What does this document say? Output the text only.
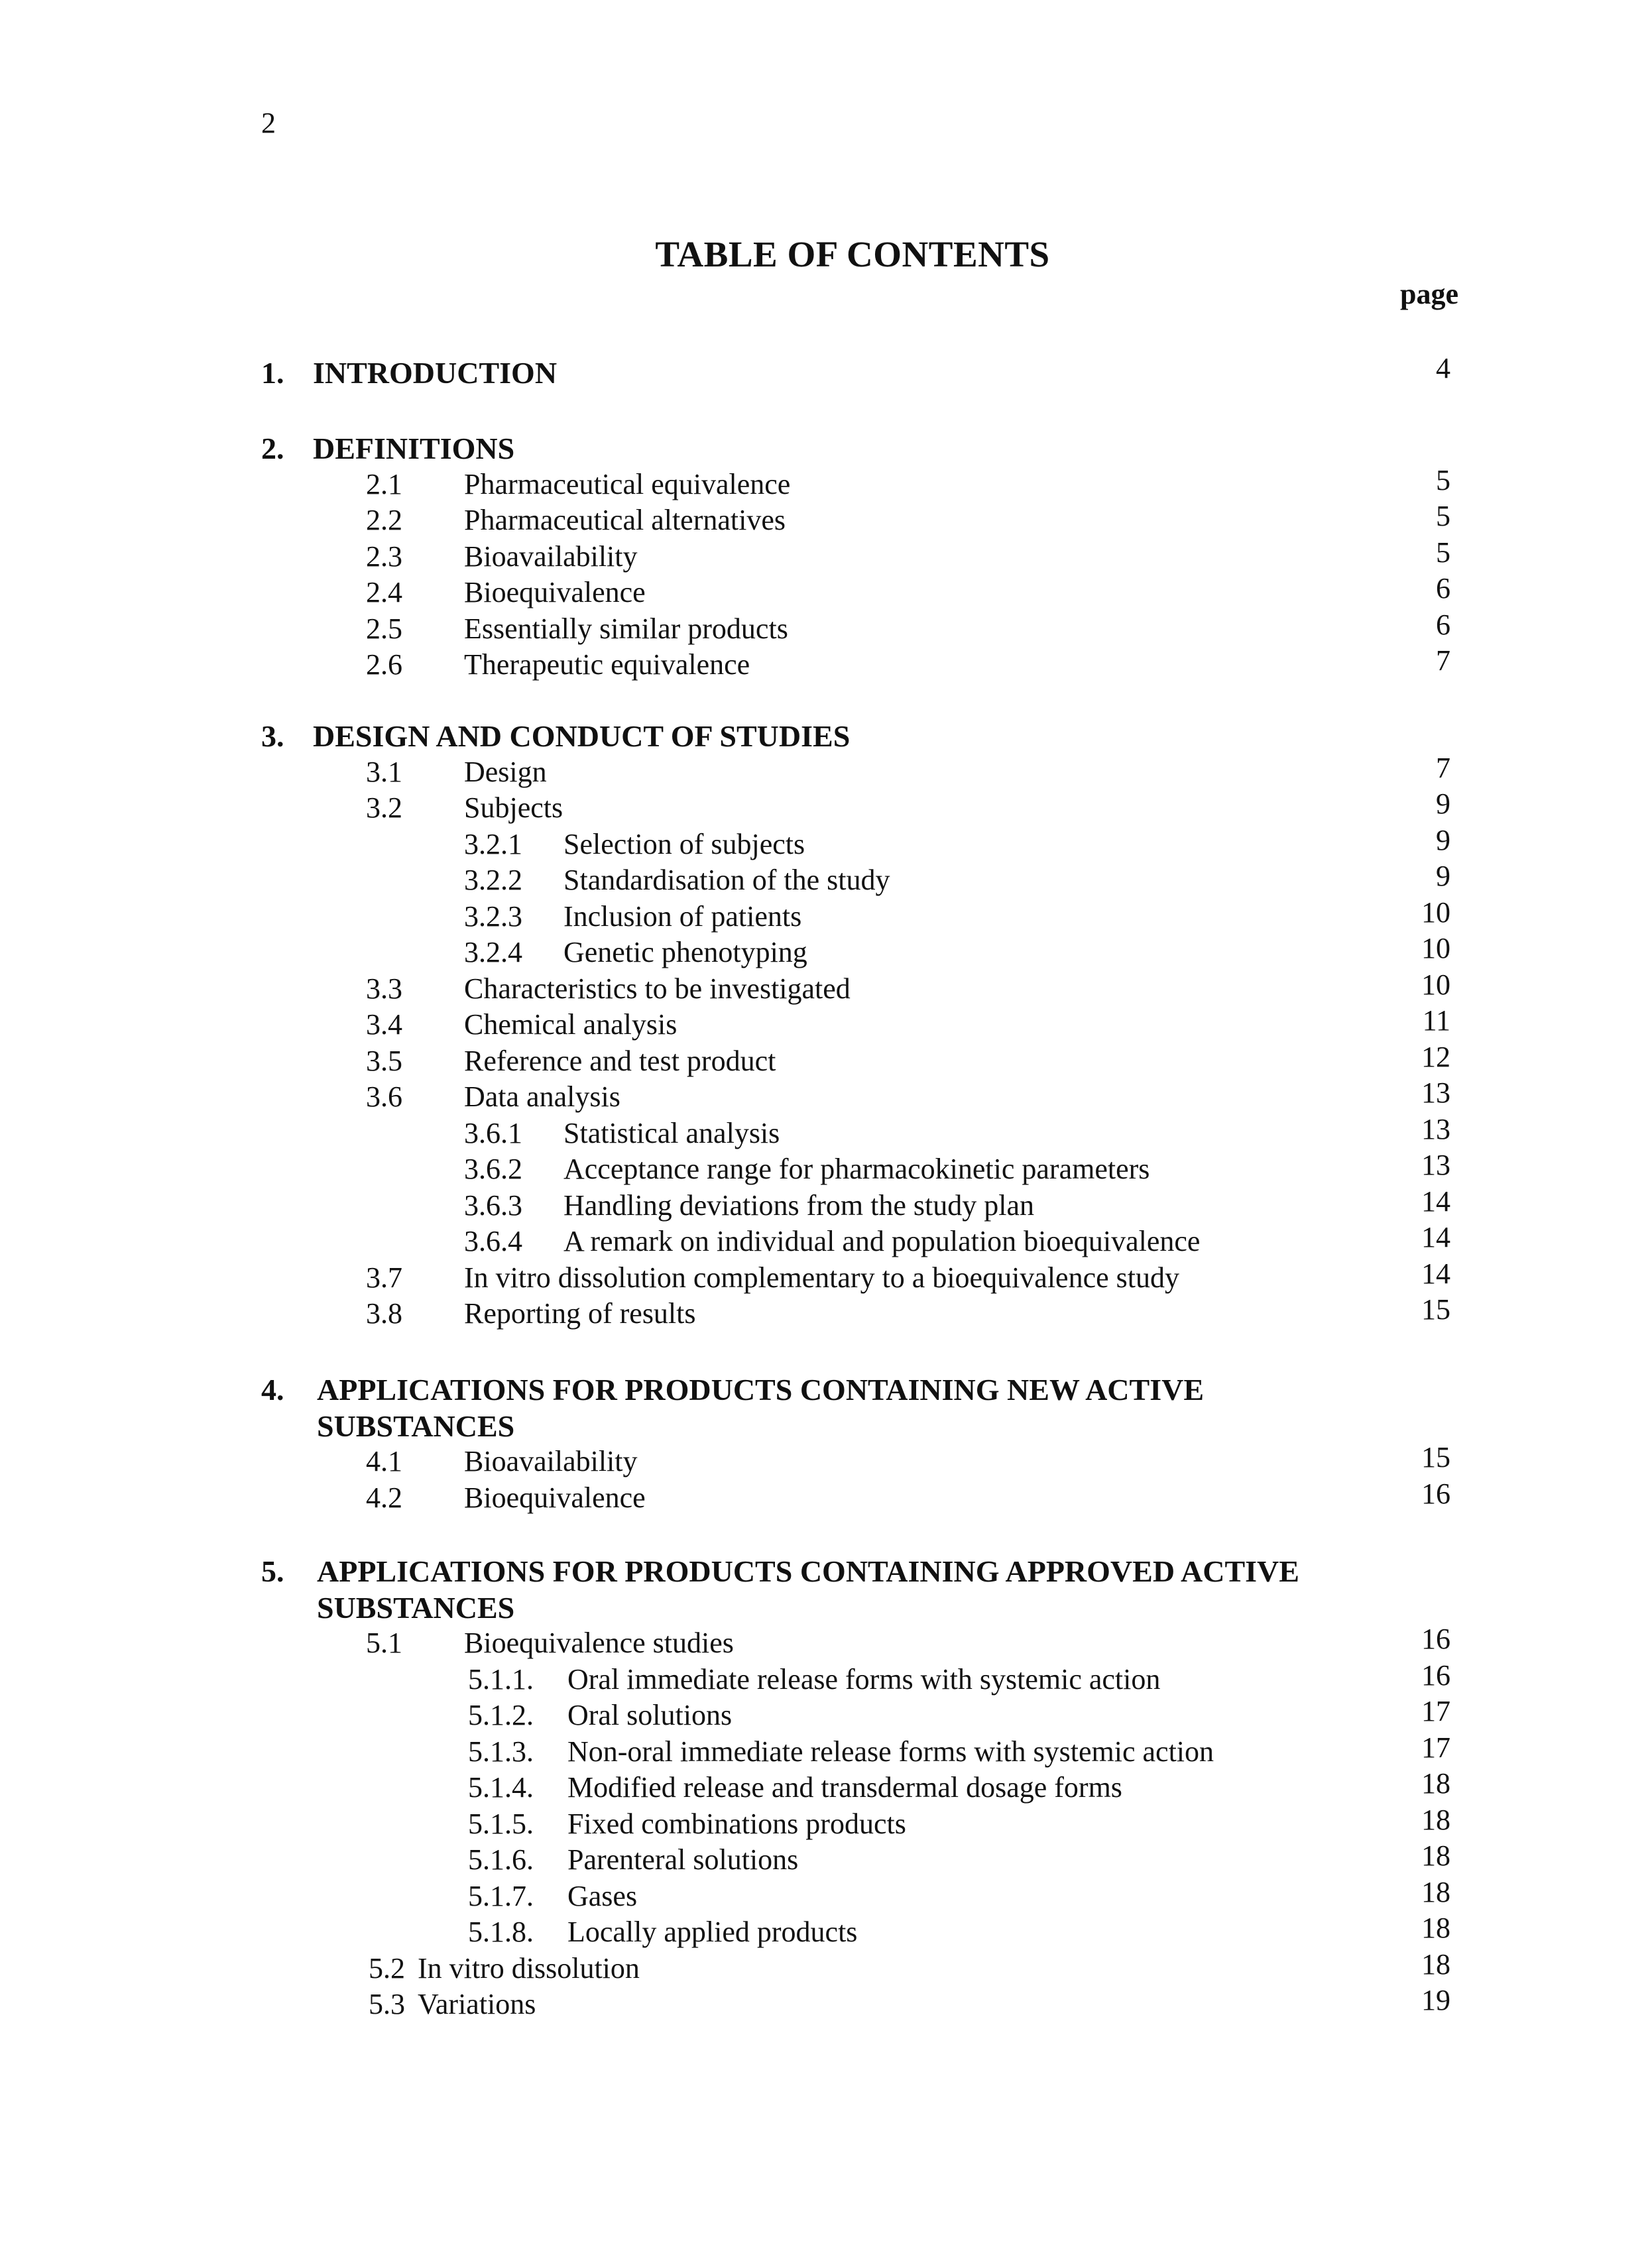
2
TABLE OF CONTENTS
page
1. INTRODUCTION	4
2. DEFINITIONS
2.1 Pharmaceutical equivalence	5
2.2 Pharmaceutical alternatives	5
2.3 Bioavailability	5
2.4 Bioequivalence	6
2.5 Essentially similar products	6
2.6 Therapeutic equivalence	7
3. DESIGN AND CONDUCT OF STUDIES
3.1 Design	7
3.2 Subjects	9
3.2.1 Selection of subjects	9
3.2.2 Standardisation of the study	9
3.2.3 Inclusion of patients	10
3.2.4 Genetic phenotyping	10
3.3 Characteristics to be investigated	10
3.4 Chemical analysis	11
3.5 Reference and test product	12
3.6 Data analysis	13
3.6.1 Statistical analysis	13
3.6.2 Acceptance range for pharmacokinetic parameters	13
3.6.3 Handling deviations from the study plan	14
3.6.4 A remark on individual and population bioequivalence	14
3.7 In vitro dissolution complementary to a bioequivalence study	14
3.8 Reporting of results	15
4. APPLICATIONS FOR PRODUCTS CONTAINING NEW ACTIVE
SUBSTANCES
4.1 Bioavailability	15
4.2 Bioequivalence	16
5. APPLICATIONS FOR PRODUCTS CONTAINING APPROVED ACTIVE
SUBSTANCES
5.1 Bioequivalence studies	16
5.1.1. Oral immediate release forms with systemic action	16
5.1.2. Oral solutions	17
5.1.3. Non-oral immediate release forms with systemic action	17
5.1.4. Modified release and transdermal dosage forms	18
5.1.5. Fixed combinations products	18
5.1.6. Parenteral solutions	18
5.1.7. Gases	18
5.1.8. Locally applied products	18
5.2 In vitro dissolution	18
5.3 Variations	19
